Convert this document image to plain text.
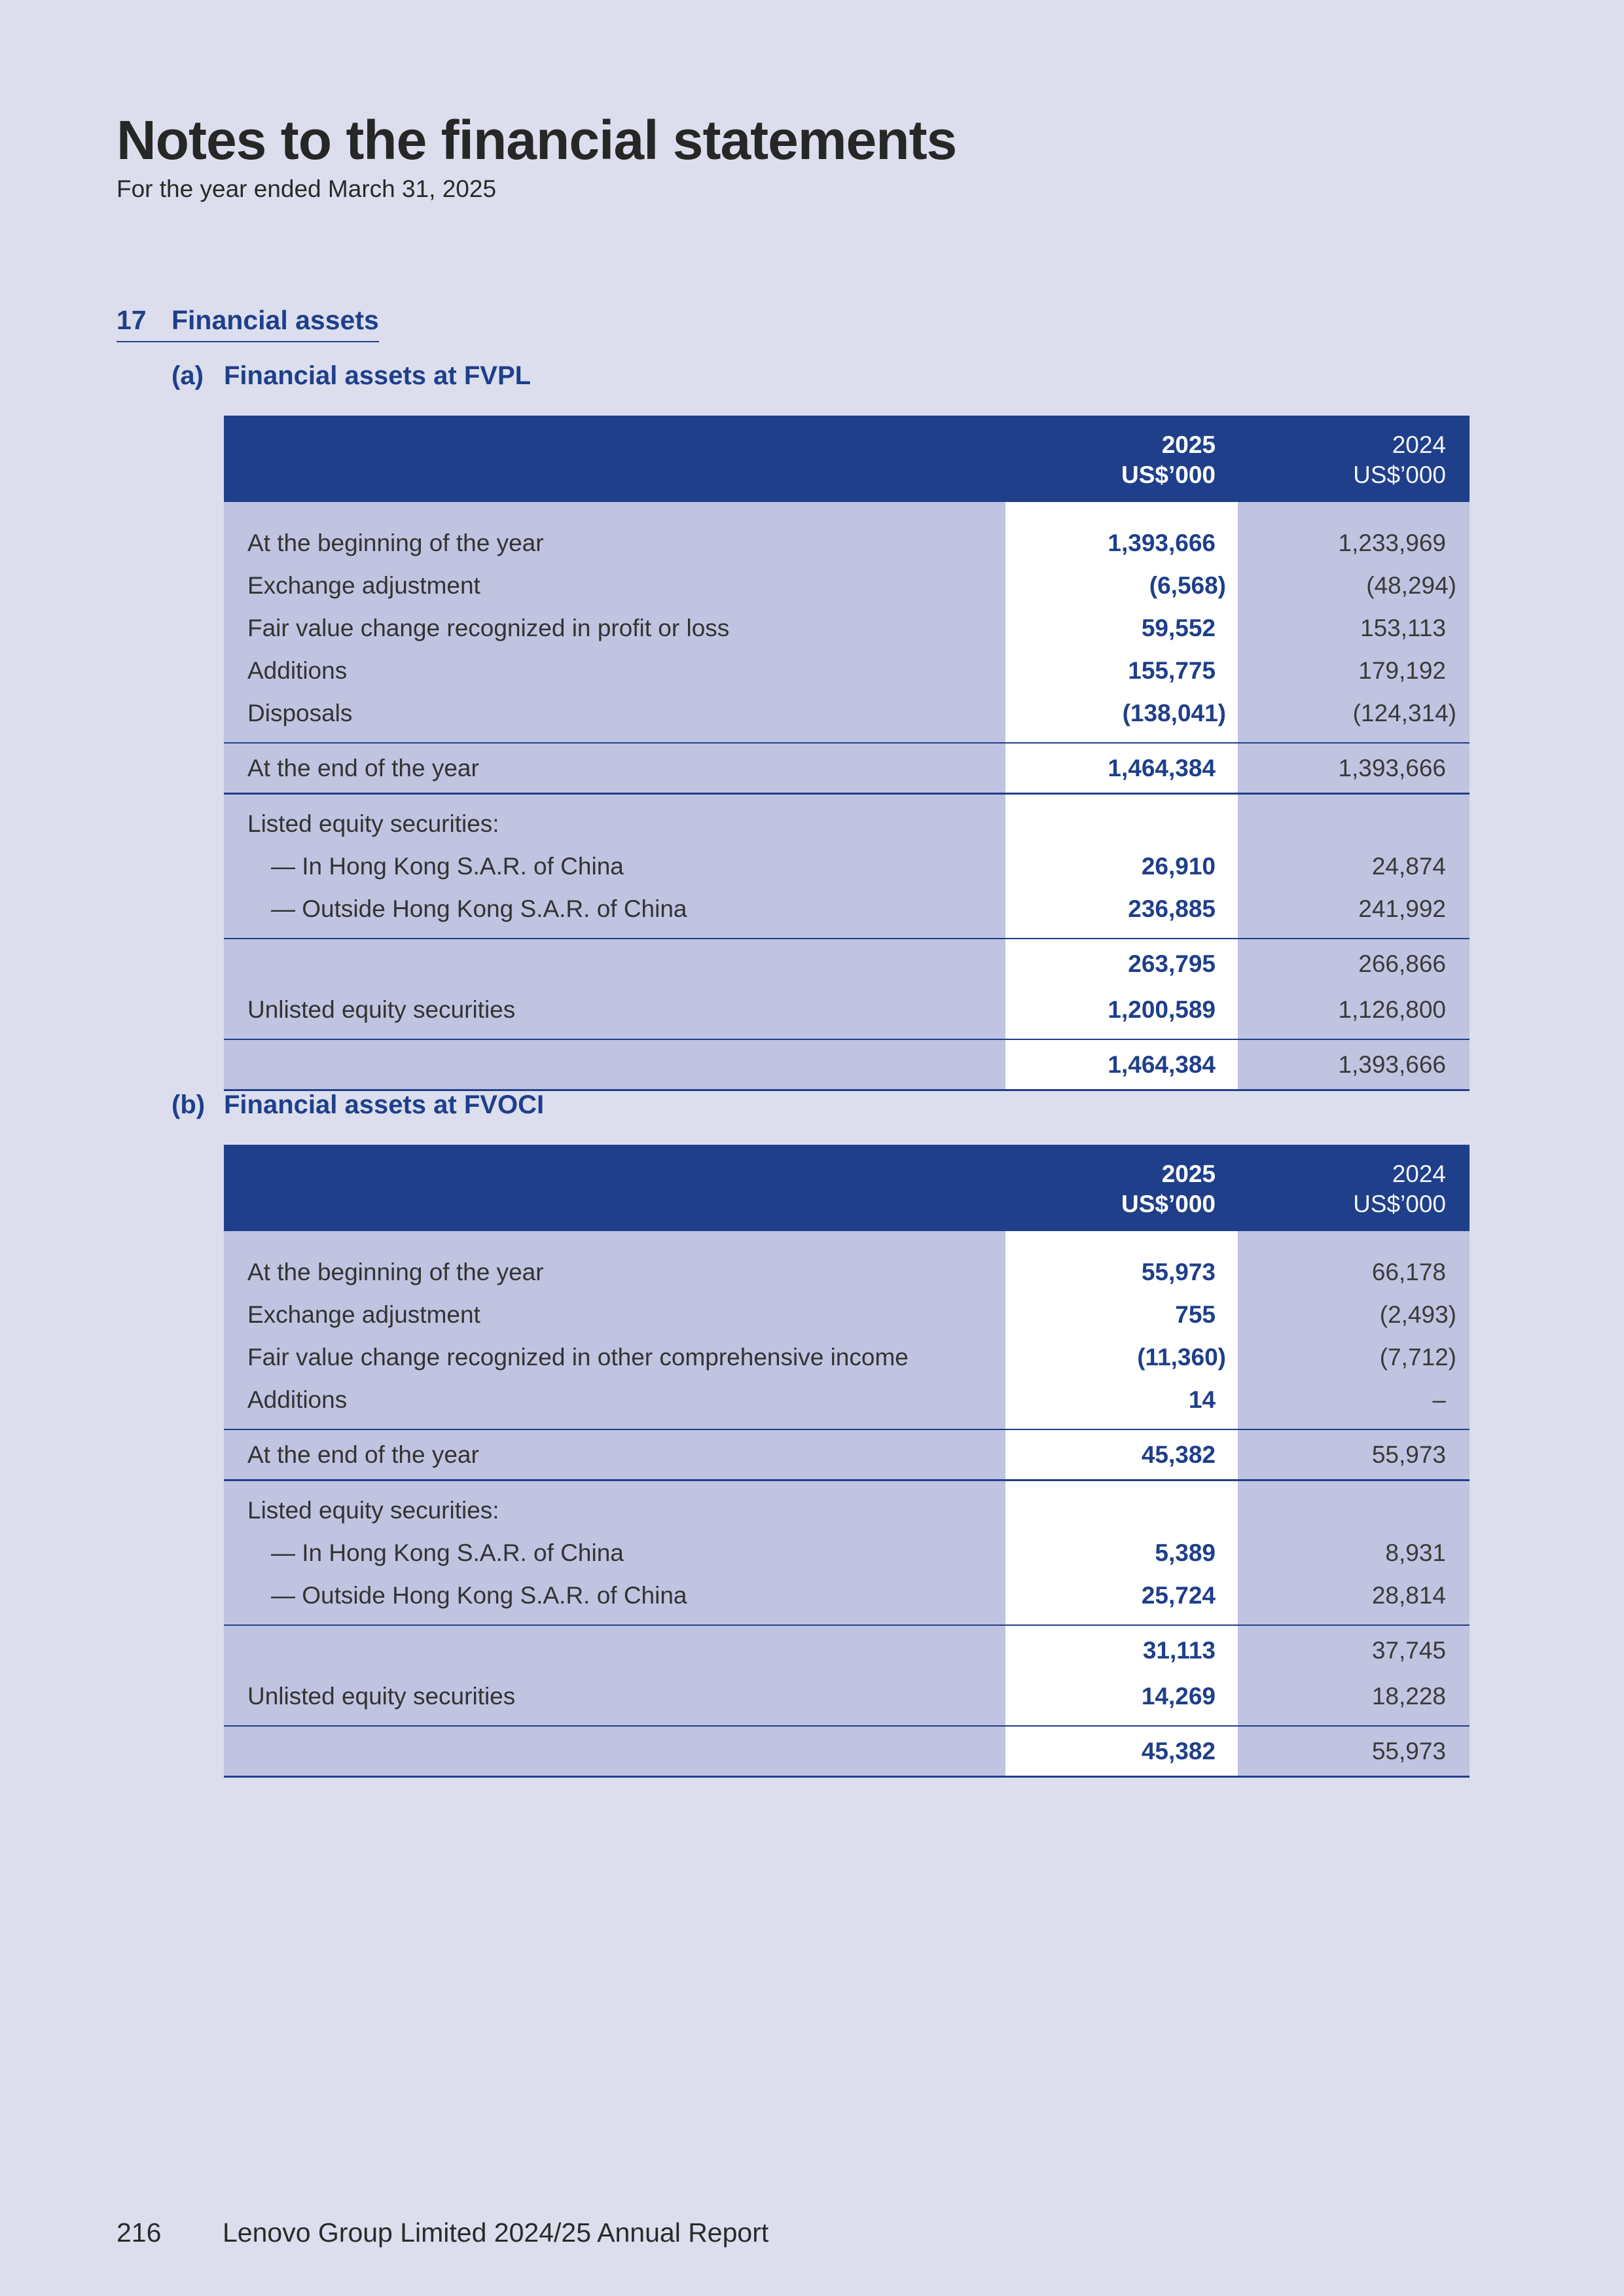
Notes to the financial statements

For the year ended March 31, 2025

17 Financial assets
(a) Financial assets at FVPL
2025
US$’000
2024
US$’000
At the beginning of the year	1,393,666	1,233,969
Exchange adjustment	(6,568)	(48,294)
Fair value change recognized in profit or loss	59,552	153,113
Additions	155,775	179,192
Disposals	(138,041)	(124,314)
At the end of the year	1,464,384	1,393,666
Listed equity securities:
— In Hong Kong S.A.R. of China	26,910	24,874
— Outside Hong Kong S.A.R. of China	236,885	241,992
263,795	266,866
Unlisted equity securities	1,200,589	1,126,800
1,464,384	1,393,666
(b) Financial assets at FVOCI
2025
US$’000
2024
US$’000
At the beginning of the year	55,973	66,178
Exchange adjustment	755	(2,493)
Fair value change recognized in other comprehensive income	(11,360)	(7,712)
Additions	14	–
At the end of the year	45,382	55,973
Listed equity securities:
— In Hong Kong S.A.R. of China	5,389	8,931
— Outside Hong Kong S.A.R. of China	25,724	28,814
31,113	37,745
Unlisted equity securities	14,269	18,228
45,382	55,973
216 Lenovo Group Limited 2024/25 Annual Report
